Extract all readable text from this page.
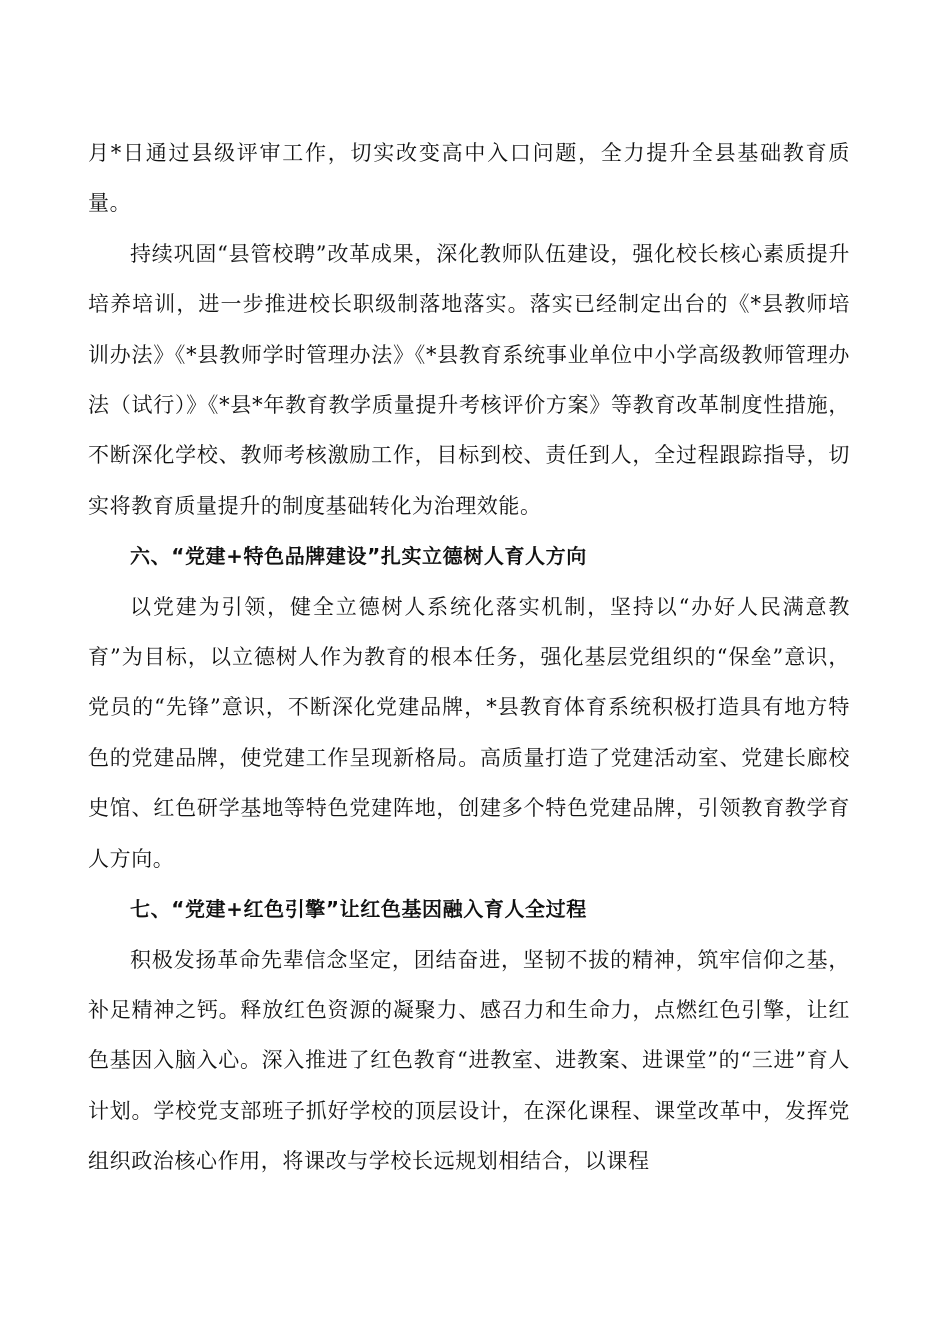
月*日通过县级评审工作，切实改变高中入口问题，全力提升全县基础教育质量。

持续巩固“县管校聘”改革成果，深化教师队伍建设，强化校长核心素质提升培养培训，进一步推进校长职级制落地落实。落实已经制定出台的《*县教师培训办法》《*县教师学时管理办法》《*县教育系统事业单位中小学高级教师管理办法（试行）》《*县*年教育教学质量提升考核评价方案》等教育改革制度性措施，不断深化学校、教师考核激励工作，目标到校、责任到人，全过程跟踪指导，切实将教育质量提升的制度基础转化为治理效能。

六、“党建+特色品牌建设”扎实立德树人育人方向

以党建为引领，健全立德树人系统化落实机制，坚持以“办好人民满意教育”为目标，以立德树人作为教育的根本任务，强化基层党组织的“保垒”意识，党员的“先锋”意识，不断深化党建品牌，*县教育体育系统积极打造具有地方特色的党建品牌，使党建工作呈现新格局。高质量打造了党建活动室、党建长廊校史馆、红色研学基地等特色党建阵地，创建多个特色党建品牌，引领教育教学育人方向。

七、“党建+红色引擎”让红色基因融入育人全过程

积极发扬革命先辈信念坚定，团结奋进，坚韧不拔的精神，筑牢信仰之基，补足精神之钙。释放红色资源的凝聚力、感召力和生命力，点燃红色引擎，让红色基因入脑入心。深入推进了红色教育“进教室、进教案、进课堂”的“三进”育人计划。学校党支部班子抓好学校的顶层设计，在深化课程、课堂改革中，发挥党组织政治核心作用，将课改与学校长远规划相结合，以课程
